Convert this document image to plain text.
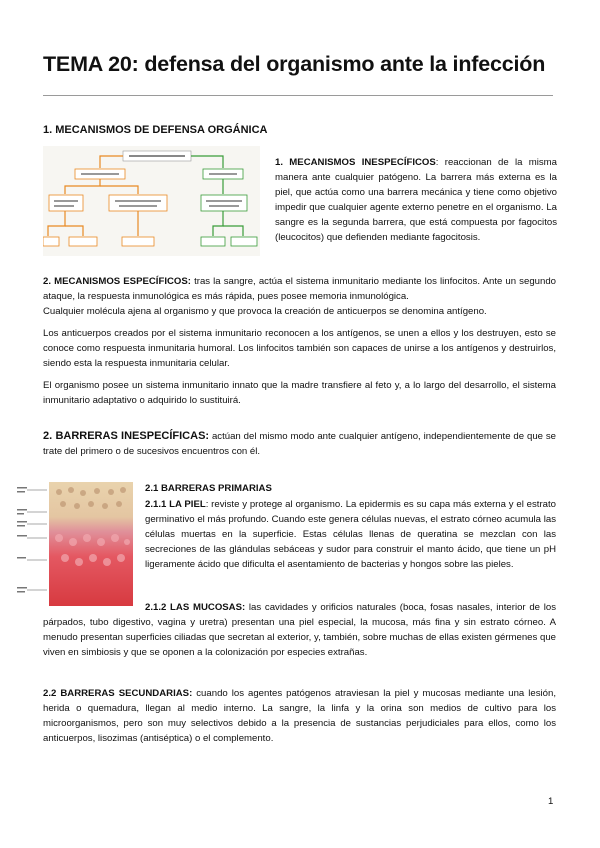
TEMA 20: defensa del organismo ante la infección
1. MECANISMOS DE DEFENSA ORGÁNICA
1. MECANISMOS INESPECÍFICOS: reaccionan de la misma manera ante cualquier patógeno. La barrera más externa es la piel, que actúa como una barrera mecánica y tiene como objetivo impedir que cualquier agente externo penetre en el organismo. La sangre es la segunda barrera, que está compuesta por fagocitos (leucocitos) que defienden mediante fagocitosis.
2. MECANISMOS ESPECÍFICOS: tras la sangre, actúa el sistema inmunitario mediante los linfocitos. Ante un segundo ataque, la respuesta inmunológica es más rápida, pues posee memoria inmunológica.
Cualquier molécula ajena al organismo y que provoca la creación de anticuerpos se denomina antígeno.
Los anticuerpos creados por el sistema inmunitario reconocen a los antígenos, se unen a ellos y los destruyen, esto se conoce como respuesta inmunitaria humoral. Los linfocitos también son capaces de unirse a los antígenos y destruirlos, siendo esta la respuesta inmunitaria celular.
El organismo posee un sistema inmunitario innato que la madre transfiere al feto y, a lo largo del desarrollo, el sistema inmunitario adaptativo o adquirido lo sustituirá.
2. BARRERAS INESPECÍFICAS: actúan del mismo modo ante cualquier antígeno, independientemente de que se trate del primero o de sucesivos encuentros con él.
2.1 BARRERAS PRIMARIAS
2.1.1 LA PIEL: reviste y protege al organismo. La epidermis es su capa más externa y el estrato germinativo el más profundo. Cuando este genera células nuevas, el estrato córneo acumula las células muertas en la superficie. Estas células llenas de queratina se mezclan con las secreciones de las glándulas sebáceas y sudor para construir el manto ácido, que tiene un pH ligeramente ácido que dificulta el asentamiento de bacterias y hongos sobre las pieles.
2.1.2 LAS MUCOSAS: las cavidades y orificios naturales (boca, fosas nasales, interior de los párpados, tubo digestivo, vagina y uretra) presentan una piel especial, la mucosa, más fina y sin estrato córneo. A menudo presentan superficies ciliadas que secretan al exterior, y, también, sobre muchas de ellas existen gérmenes que viven en simbiosis y que se oponen a la colonización por especies extrañas.
2.2 BARRERAS SECUNDARIAS: cuando los agentes patógenos atraviesan la piel y mucosas mediante una lesión, herida o quemadura, llegan al medio interno. La sangre, la linfa y la orina son medios de cultivo para los microorganismos, pero son muy selectivos debido a la presencia de sustancias perjudiciales para ellos, como los anticuerpos, lisozimas (antiséptica) o el complemento.
1
